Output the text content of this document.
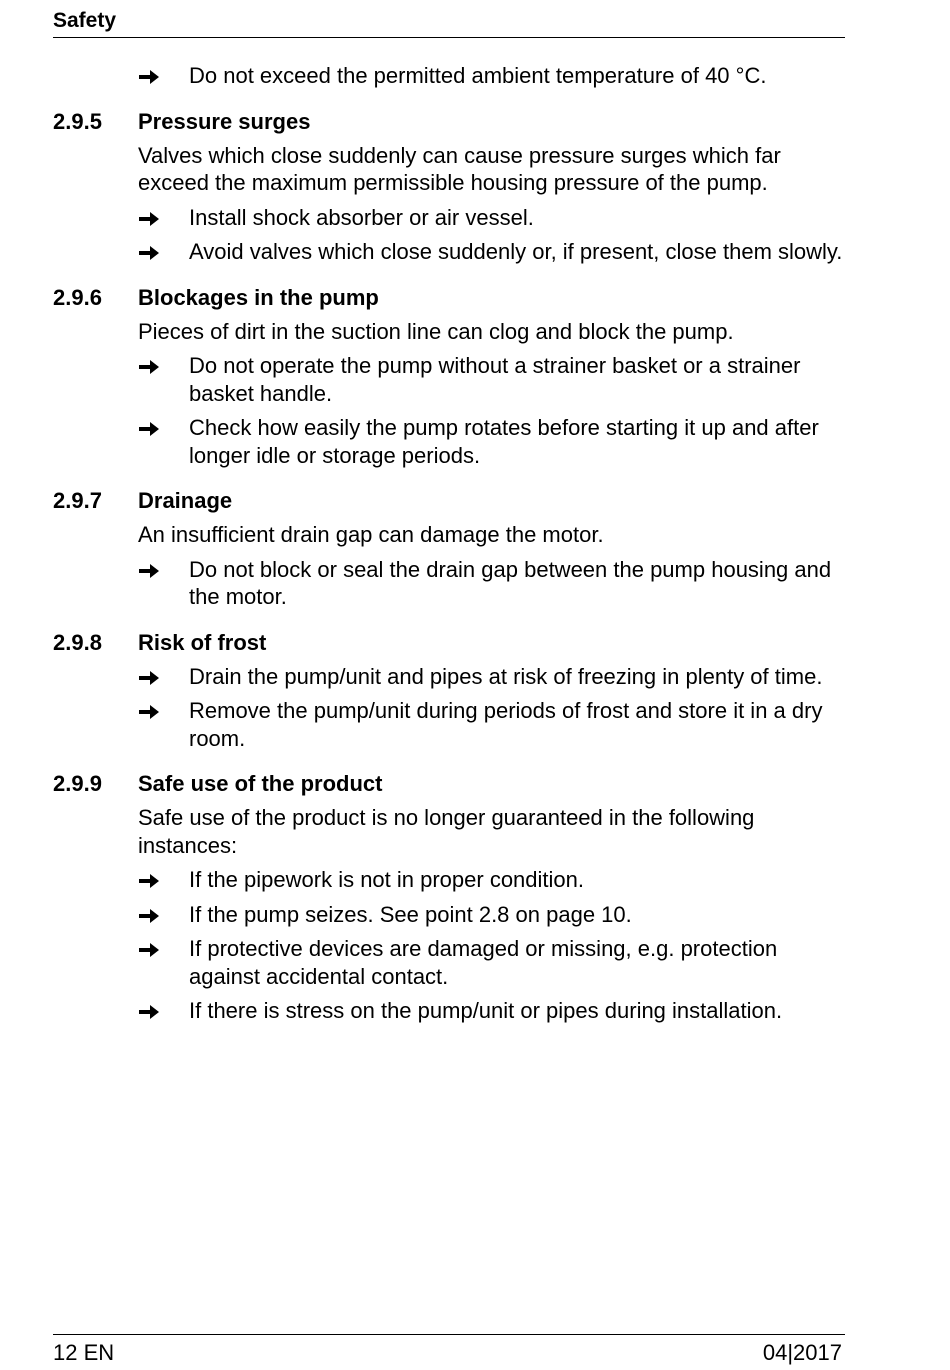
Safety
Do not exceed the permitted ambient temperature of 40 °C.
2.9.5	Pressure surges
Valves which close suddenly can cause pressure surges which far exceed the maximum permissible housing pressure of the pump.
Install shock absorber or air vessel.
Avoid valves which close suddenly or, if present, close them slowly.
2.9.6	Blockages in the pump
Pieces of dirt in the suction line can clog and block the pump.
Do not operate the pump without a strainer basket or a strainer basket handle.
Check how easily the pump rotates before starting it up and after longer idle or storage periods.
2.9.7	Drainage
An insufficient drain gap can damage the motor.
Do not block or seal the drain gap between the pump housing and the motor.
2.9.8	Risk of frost
Drain the pump/unit and pipes at risk of freezing in plenty of time.
Remove the pump/unit during periods of frost and store it in a dry room.
2.9.9	Safe use of the product
Safe use of the product is no longer guaranteed in the following instances:
If the pipework is not in proper condition.
If the pump seizes. See point 2.8 on page 10.
If protective devices are damaged or missing, e.g. protection against accidental contact.
If there is stress on the pump/unit or pipes during installation.
12 EN	04|2017
